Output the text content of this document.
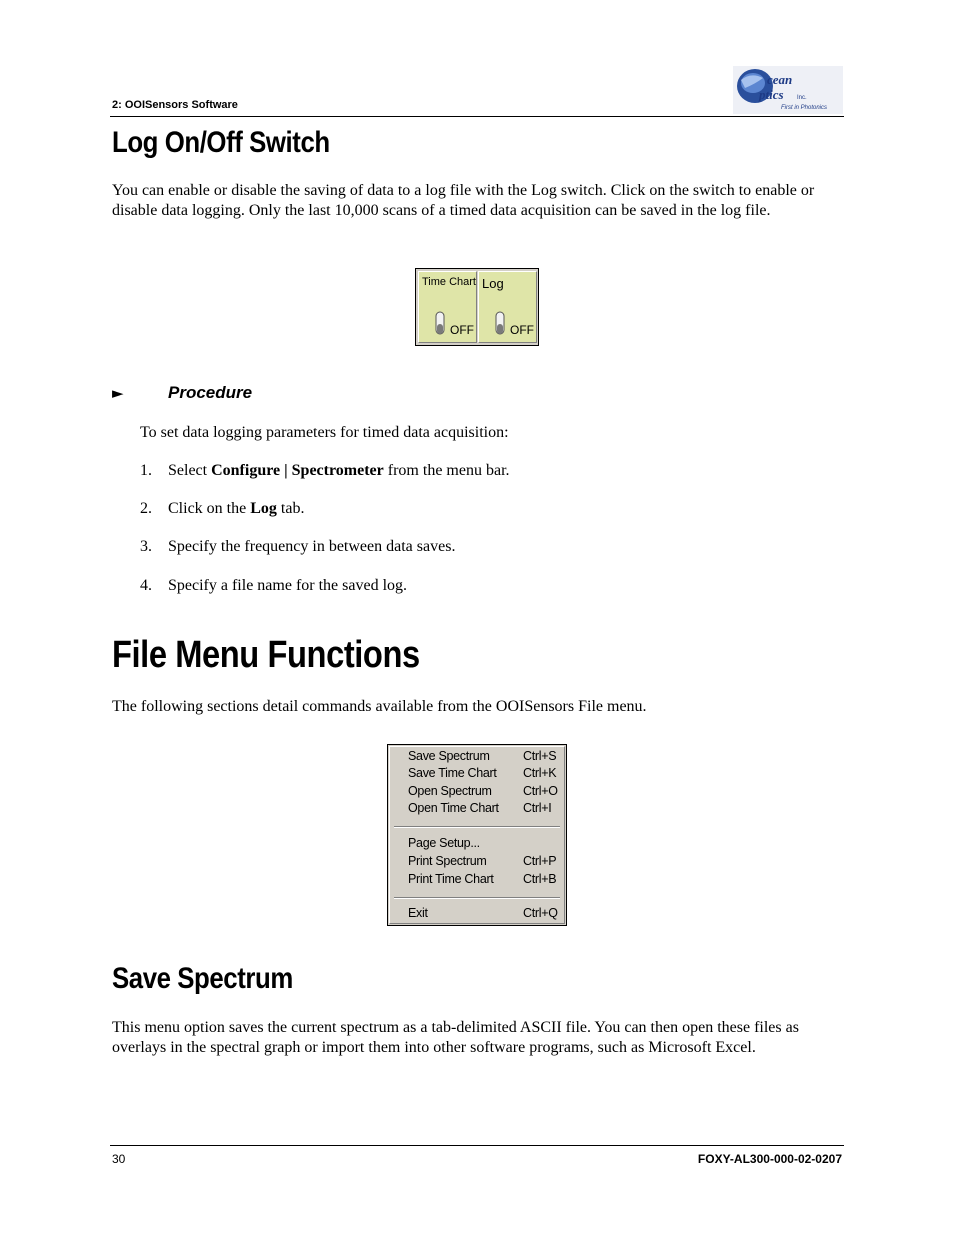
2: OOISensors Software
cean
ptics Inc.
First in Photonics
Log On/Off Switch
You can enable or disable the saving of data to a log file with the Log switch. Click on the switch to enable or disable data logging. Only the last 10,000 scans of a timed data acquisition can be saved in the log file.
Time Chart
OFF
Log
OFF
►	Procedure
To set data logging parameters for timed data acquisition:
1. Select Configure | Spectrometer from the menu bar.
2. Click on the Log tab.
3. Specify the frequency in between data saves.
4. Specify a file name for the saved log.
File Menu Functions
The following sections detail commands available from the OOISensors File menu.
Save Spectrum	Ctrl+S
Save Time Chart Ctrl+K
Open Spectrum	Ctrl+O
Open Time Chart Ctrl+I
Page Setup...
Print Spectrum	Ctrl+P
Print Time Chart Ctrl+B
Exit	Ctrl+Q
Save Spectrum
This menu option saves the current spectrum as a tab-delimited ASCII file. You can then open these files as overlays in the spectral graph or import them into other software programs, such as Microsoft Excel.
30	FOXY-AL300-000-02-0207
